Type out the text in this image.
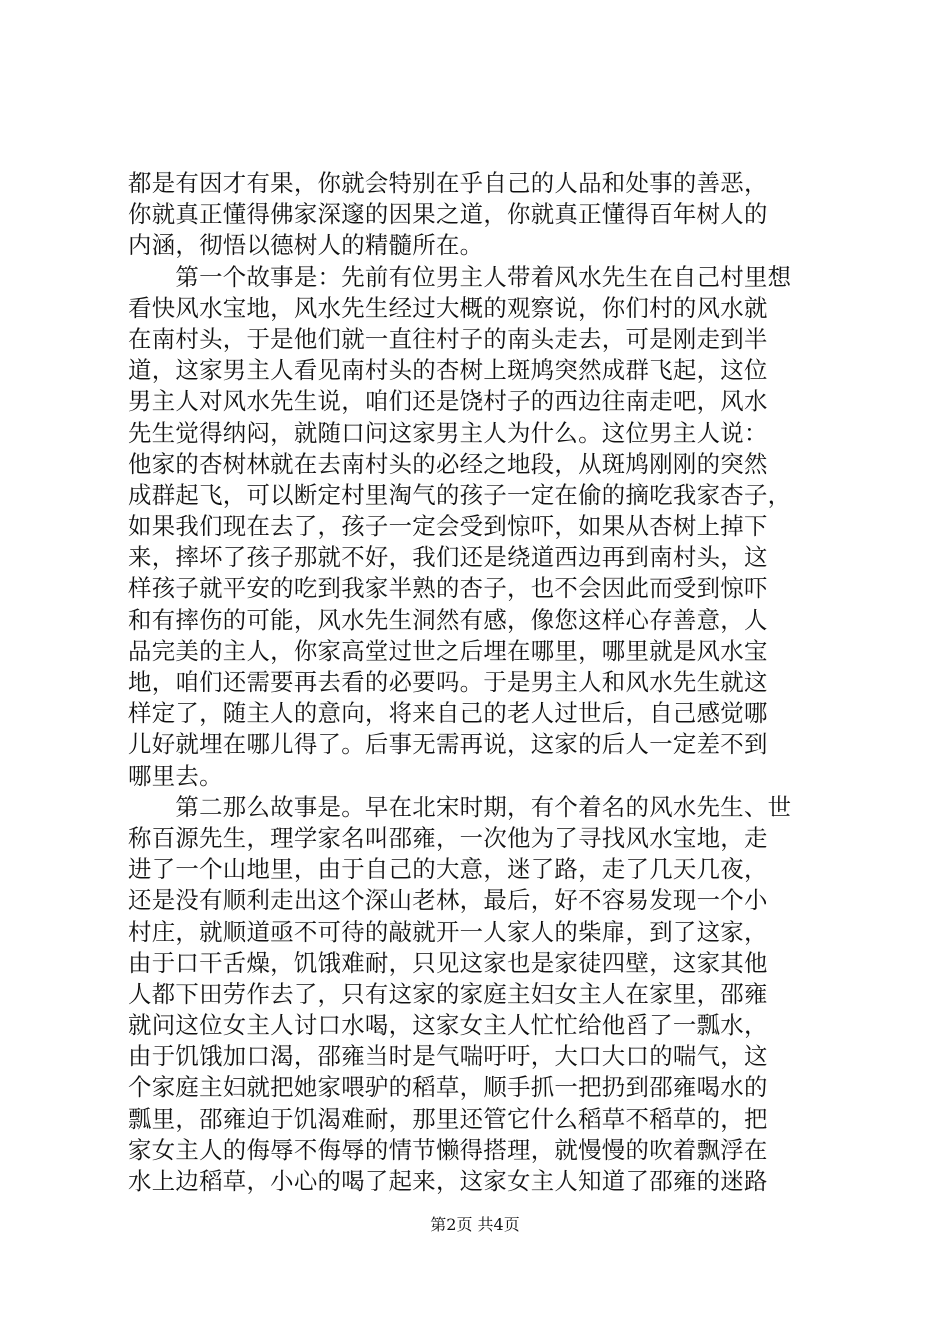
都是有因才有果，你就会特别在乎自己的人品和处事的善恶，
你就真正懂得佛家深邃的因果之道，你就真正懂得百年树人的
内涵，彻悟以德树人的精髓所在。
　　第一个故事是：先前有位男主人带着风水先生在自己村里想
看快风水宝地，风水先生经过大概的观察说，你们村的风水就
在南村头，于是他们就一直往村子的南头走去，可是刚走到半
道，这家男主人看见南村头的杏树上斑鸠突然成群飞起，这位
男主人对风水先生说，咱们还是饶村子的西边往南走吧，风水
先生觉得纳闷，就随口问这家男主人为什么。这位男主人说：
他家的杏树林就在去南村头的必经之地段，从斑鸠刚刚的突然
成群起飞，可以断定村里淘气的孩子一定在偷的摘吃我家杏子，
如果我们现在去了，孩子一定会受到惊吓，如果从杏树上掉下
来，摔坏了孩子那就不好，我们还是绕道西边再到南村头，这
样孩子就平安的吃到我家半熟的杏子，也不会因此而受到惊吓
和有摔伤的可能，风水先生洞然有感，像您这样心存善意，人
品完美的主人，你家高堂过世之后埋在哪里，哪里就是风水宝
地，咱们还需要再去看的必要吗。于是男主人和风水先生就这
样定了，随主人的意向，将来自己的老人过世后，自己感觉哪
儿好就埋在哪儿得了。后事无需再说，这家的后人一定差不到
哪里去。
　　第二那么故事是。早在北宋时期，有个着名的风水先生、世
称百源先生，理学家名叫邵雍，一次他为了寻找风水宝地，走
进了一个山地里，由于自己的大意，迷了路，走了几天几夜，
还是没有顺利走出这个深山老林，最后，好不容易发现一个小
村庄，就顺道亟不可待的敲就开一人家人的柴扉，到了这家，
由于口干舌燥，饥饿难耐，只见这家也是家徒四壁，这家其他
人都下田劳作去了，只有这家的家庭主妇女主人在家里，邵雍
就问这位女主人讨口水喝，这家女主人忙忙给他舀了一瓢水，
由于饥饿加口渴，邵雍当时是气喘吁吁，大口大口的喘气，这
个家庭主妇就把她家喂驴的稻草，顺手抓一把扔到邵雍喝水的
瓢里，邵雍迫于饥渴难耐，那里还管它什么稻草不稻草的，把
家女主人的侮辱不侮辱的情节懒得搭理，就慢慢的吹着飘浮在
水上边稻草，小心的喝了起来，这家女主人知道了邵雍的迷路
第2页 共4页
